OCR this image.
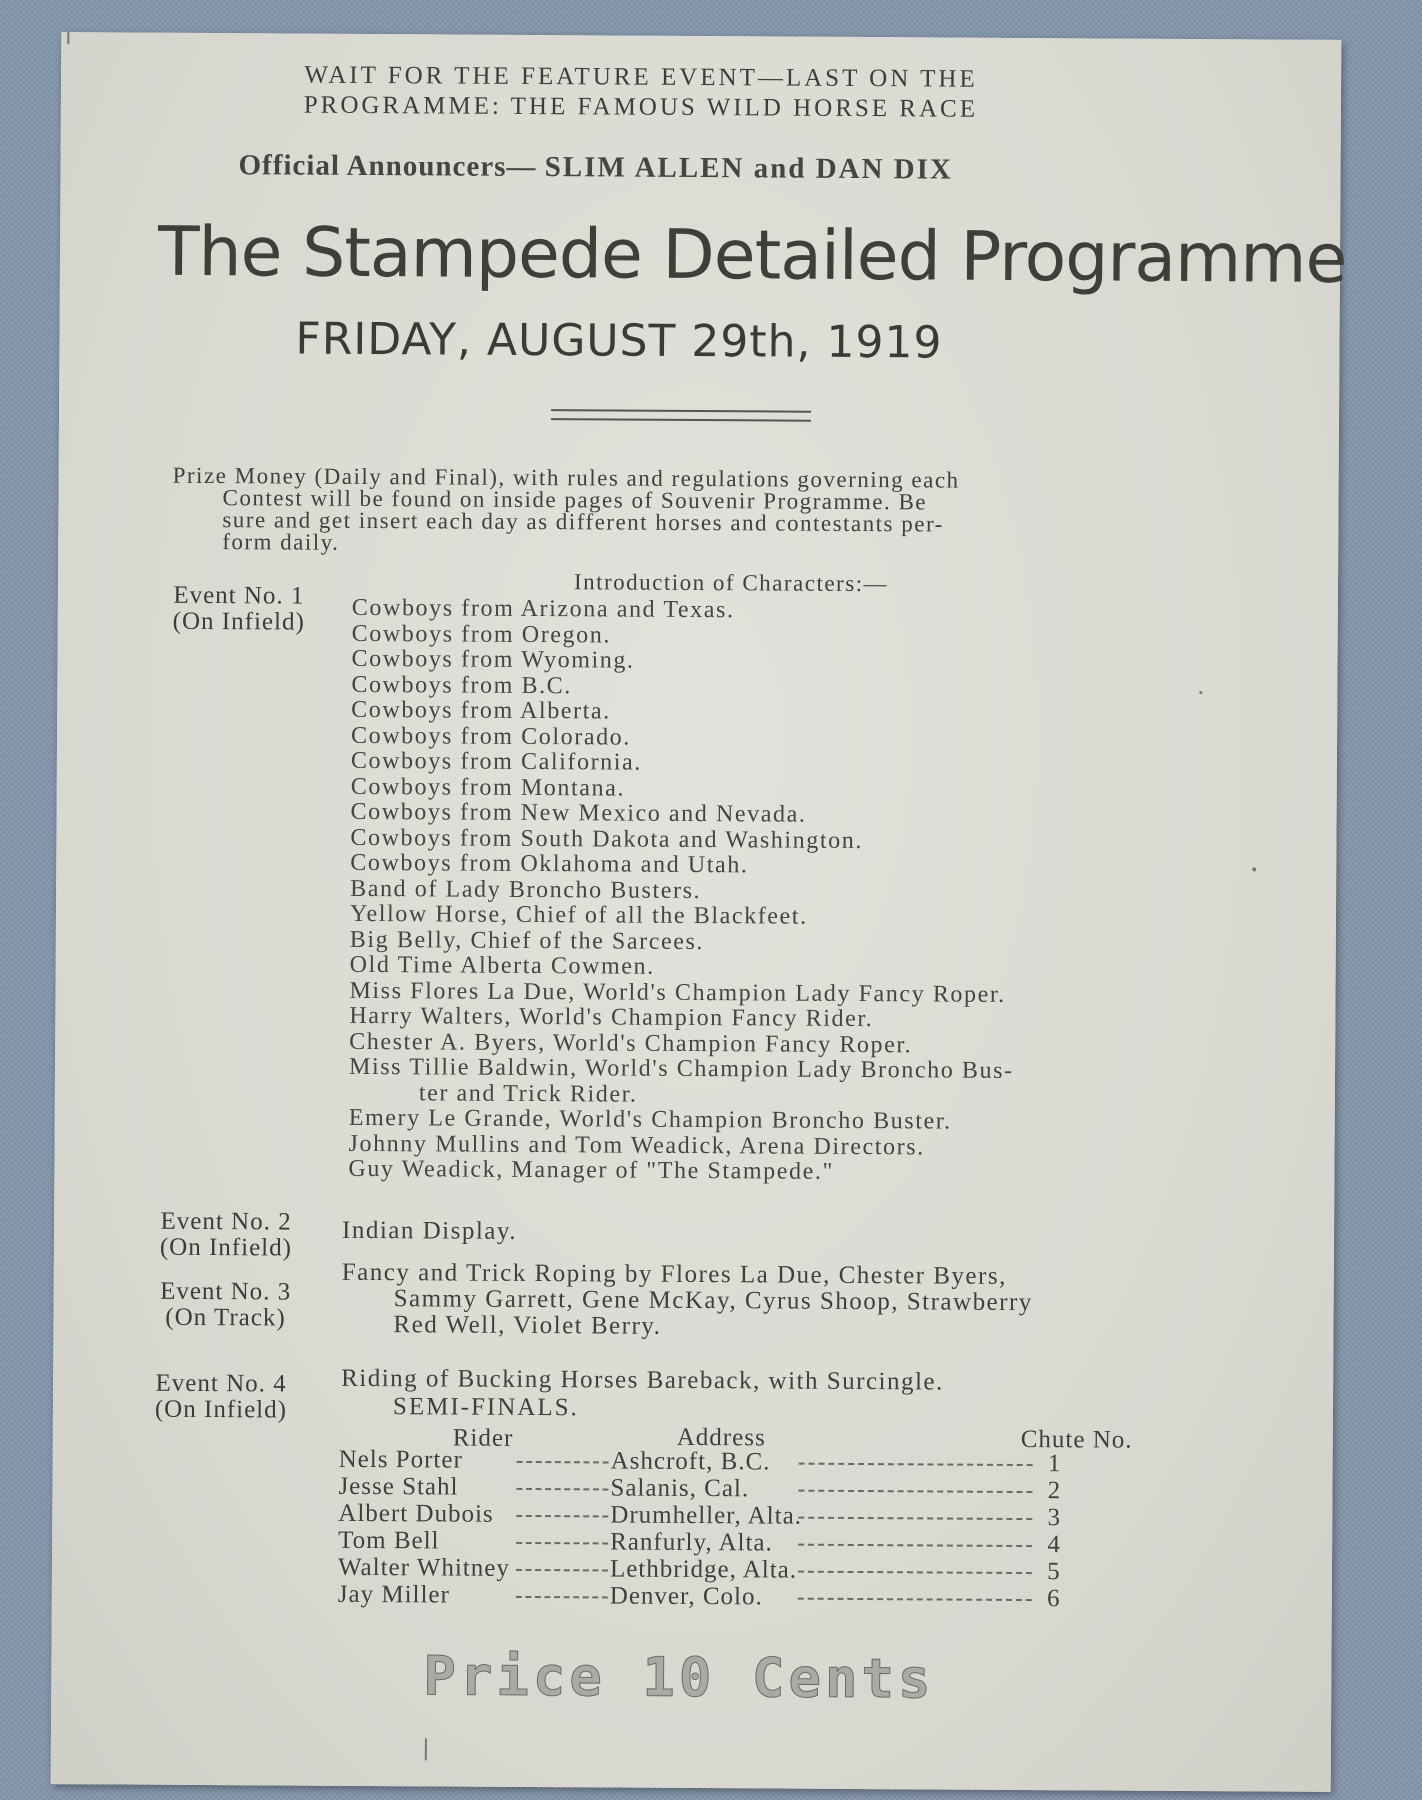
WAIT FOR THE FEATURE EVENT—LAST ON THE
PROGRAMME: THE FAMOUS WILD HORSE RACE
Official Announcers— SLIM ALLEN and DAN DIX
The Stampede Detailed Programme
FRIDAY, AUGUST 29th, 1919
Prize Money (Daily and Final), with rules and regulations governing each
Contest will be found on inside pages of Souvenir Programme. Be
sure and get insert each day as different horses and contestants per-
form daily.
Introduction of Characters:—
Event No. 1
(On Infield)	Cowboys from Arizona and Texas.
Cowboys from Oregon.
Cowboys from Wyoming.
Cowboys from B.C.
Cowboys from Alberta.
Cowboys from Colorado.
Cowboys from California.
Cowboys from Montana.
Cowboys from New Mexico and Nevada.
Cowboys from South Dakota and Washington.
Cowboys from Oklahoma and Utah.
Band of Lady Broncho Busters.
Yellow Horse, Chief of all the Blackfeet.
Big Belly, Chief of the Sarcees.
Old Time Alberta Cowmen.
Miss Flores La Due, World's Champion Lady Fancy Roper.
Harry Walters, World's Champion Fancy Rider.
Chester A. Byers, World's Champion Fancy Roper.
Miss Tillie Baldwin, World's Champion Lady Broncho Bus-
ter and Trick Rider.
Emery Le Grande, World's Champion Broncho Buster.
Johnny Mullins and Tom Weadick, Arena Directors.
Guy Weadick, Manager of "The Stampede."
Event No. 2
(On Infield)
Indian Display.
Event No. 3
(On Track)
Fancy and Trick Roping by Flores La Due, Chester Byers,
Sammy Garrett, Gene McKay, Cyrus Shoop, Strawberry
Red Well, Violet Berry.
Event No. 4
(On Infield)
Riding of Bucking Horses Bareback, with Surcingle.
SEMI-FINALS.
Rider	Address	Chute No.
Nels Porter	Ashcroft, B.C.	1
Jesse Stahl	Salanis, Cal.	2
Albert Dubois	Drumheller, Alta.	3
Tom Bell	Ranfurly, Alta.	4
Walter Whitney	Lethbridge, Alta.	5
Jay Miller	Denver, Colo.	6
Price 10 Cents
